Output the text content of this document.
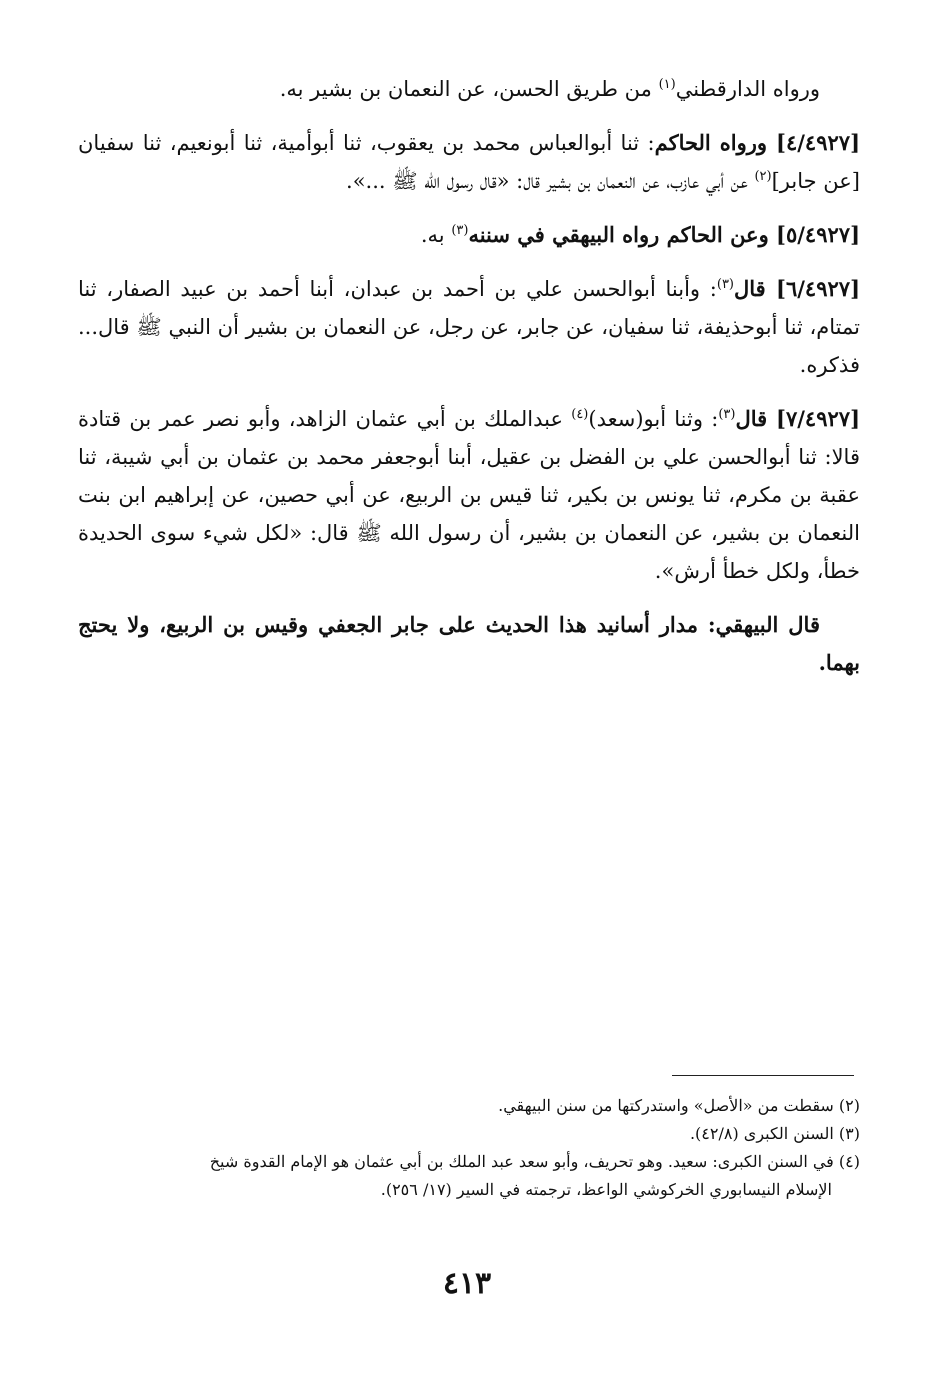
ورواه الدارقطني$^{(١)}$ من طريق الحسن، عن النعمان بن بشير به.

[٤/٤٩٢٧] ورواه الحاكم: ثنا أبوالعباس محمد بن يعقوب، ثنا أبوأمية، ثنا أبونعيم، ثنا سفيان [عن جابر]$^{(٢)}$ عن أبي عازب، عن النعمان بن بشير قال: «قال رسول الله ﷺ ...».

[٥/٤٩٢٧] وعن الحاكم رواه البيهقي في سننه$^{(٣)}$ به.

[٦/٤٩٢٧] قال$^{(٣)}$: وأبنا أبوالحسن علي بن أحمد بن عبدان، أبنا أحمد بن عبيد الصفار، ثنا تمتام، ثنا أبوحذيفة، ثنا سفيان، عن جابر، عن رجل، عن النعمان بن بشير أن النبي ﷺ قال... فذكره.

[٧/٤٩٢٧] قال$^{(٣)}$: وثنا أبو(سعد)$^{(٤)}$ عبدالملك بن أبي عثمان الزاهد، وأبو نصر عمر بن قتادة قالا: ثنا أبوالحسن علي بن الفضل بن عقيل، أبنا أبوجعفر محمد بن عثمان بن أبي شيبة، ثنا عقبة بن مكرم، ثنا يونس بن بكير، ثنا قيس بن الربيع، عن أبي حصين، عن إبراهيم ابن بنت النعمان بن بشير، عن النعمان بن بشير، أن رسول الله ﷺ قال: «لكل شيء سوى الحديدة خطأ، ولكل خطأ أرش».

قال البيهقي: مدار أسانيد هذا الحديث على جابر الجعفي وقيس بن الربيع، ولا يحتج بهما.

(٢) سقطت من «الأصل» واستدركتها من سنن البيهقي.

(٣) السنن الكبرى (٤٢/٨).

(٤) في السنن الكبرى: سعيد. وهو تحريف، وأبو سعد عبد الملك بن أبي عثمان هو الإمام القدوة شيخ
الإسلام النيسابوري الخركوشي الواعظ، ترجمته في السير (١٧/ ٢٥٦).

٤١٣
